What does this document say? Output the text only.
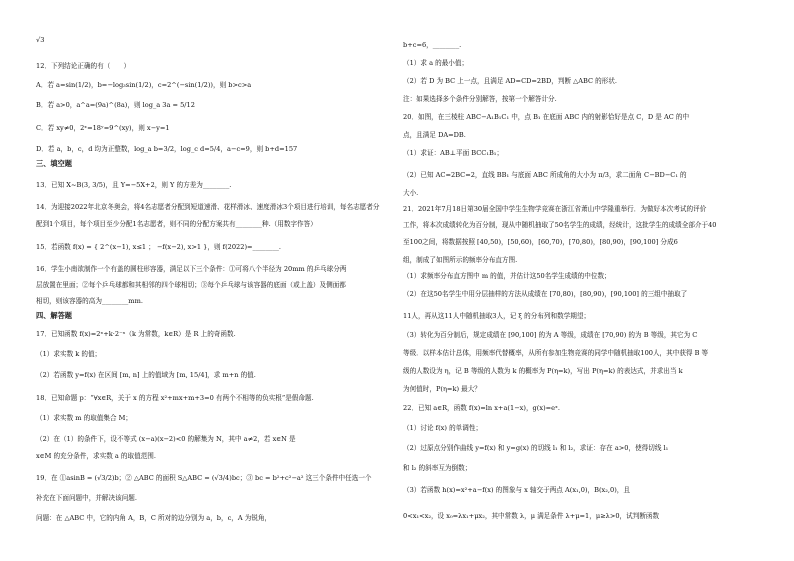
√3
12．下列结论正确的有（　　）
A．若 a=sin(1/2)，b=−log₃sin(1/2)，c=2^(−sin(1/2))，则 b>c>a
B．若 a>0，a^a=(9a)^(8a)，则 log_a 3a = 5/12
C．若 xy≠0，2ˣ=18ʸ=9^(xy)，则 x−y=1
D．若 a，b，c，d 均为正整数，log_a b=3/2，log_c d=5/4，a−c=9，则 b+d=157
三、填空题
13．已知 X~B(3, 3/5)，且 Y=−5X+2，则 Y 的方差为________.
14．为迎接2022年北京冬奥会，将4名志愿者分配到短道速滑、花样滑冰、速度滑冰3个项目进行培训，每名志愿者分
配到1个项目，每个项目至少分配1名志愿者，则不同的分配方案共有________种.（用数字作答）
15．若函数 f(x) = { 2^(x−1), x≤1 ； −f(x−2), x>1 }，则 f(2022)=________.
16．学生小南欲制作一个有盖的圆柱形容器，满足以下三个条件：①可将八个半径为 20mm 的乒乓球分两
层放置在里面；②每个乒乓球都和其相邻的四个球相切；③每个乒乓球与该容器的底面（或上盖）及侧面都
相切，则该容器的高为________mm.
四、解答题
17．已知函数 f(x)=2ˣ+k·2⁻ˣ（k 为常数，k∈R）是 R 上的奇函数.
（1）求实数 k 的值；
（2）若函数 y=f(x) 在区间 [m, n] 上的值域为 [m, 15/4]，求 m+n 的值.
18．已知命题 p：“∀x∈R，关于 x 的方程 x²+mx+m+3=0 有两个不相等的负实根”是假命题.
（1）求实数 m 的取值集合 M；
（2）在（1）的条件下，设不等式 (x−a)(x−2)<0 的解集为 N，其中 a≠2，若 x∈N 是
x∈M 的充分条件，求实数 a 的取值范围.
19．在 ①asinB = (√3/2)b；② △ABC 的面积 S△ABC = (√3/4)bc；③ bc = b²+c²−a² 这三个条件中任选一个
补充在下面问题中，并解决该问题.
问题：在 △ABC 中，它的内角 A，B，C 所对的边分别为 a，b，c，A 为锐角，
b+c=6，________.
（1）求 a 的最小值；
（2）若 D 为 BC 上一点，且满足 AD=CD=2BD，判断 △ABC 的形状.
注：如果选择多个条件分别解答，按第一个解答计分.
20．如图，在三棱柱 ABC−A₁B₁C₁ 中，点 B₁ 在底面 ABC 内的射影恰好是点 C，D 是 AC 的中
点，且满足 DA=DB.
（1）求证：AB⊥平面 BCC₁B₁；
（2）已知 AC=2BC=2，直线 BB₁ 与底面 ABC 所成角的大小为 π/3，求二面角 C−BD−C₁ 的
大小.
21．2021年7月18日第30届全国中学生生物学竞赛在浙江省萧山中学隆重举行．为做好本次考试的评价
工作，将本次成绩转化为百分制，现从中随机抽取了50名学生的成绩，经统计，这批学生的成绩全部介于40
至100之间，将数据按照 [40,50)，[50,60)，[60,70)，[70,80)，[80,90)，[90,100] 分成6
组，制成了如图所示的频率分布直方图.
（1）求频率分布直方图中 m 的值，并估计这50名学生成绩的中位数；
（2）在这50名学生中用分层抽样的方法从成绩在 [70,80)，[80,90)，[90,100] 的三组中抽取了
11人，再从这11人中随机抽取3人，记 ξ 的分布列和数学期望；
（3）转化为百分制后，规定成绩在 [90,100] 的为 A 等级，成绩在 [70,90) 的为 B 等级，其它为 C
等级．以样本估计总体，用频率代替概率，从所有参加生物竞赛的同学中随机抽取100人，其中获得 B 等
级的人数设为 η，记 B 等级的人数为 k 的概率为 P(η=k)，写出 P(η=k) 的表达式，并求出当 k
为何值时，P(η=k) 最大？
22．已知 a∈R，函数 f(x)=ln x+a(1−x)，g(x)=eˣ.
（1）讨论 f(x) 的单调性；
（2）过原点分别作曲线 y=f(x) 和 y=g(x) 的切线 l₁ 和 l₂，求证：存在 a>0，使得切线 l₁
和 l₂ 的斜率互为倒数；
（3）若函数 h(x)=x²+a−f(x) 的图象与 x 轴交于两点 A(x₁,0)，B(x₂,0)，且
0<x₁<x₂，设 x₀=λx₁+μx₂，其中常数 λ，μ 满足条件 λ+μ=1，μ≥λ>0，试判断函数
